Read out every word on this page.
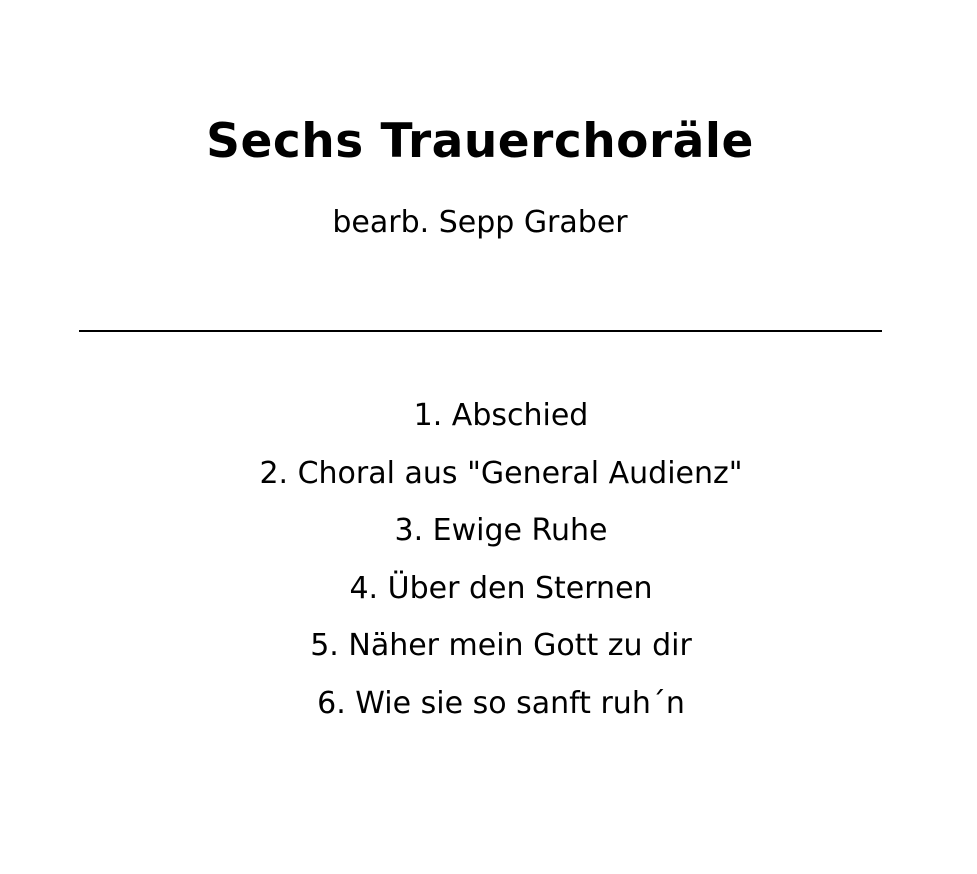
Sechs Trauerchoräle
bearb. Sepp Graber
1. Abschied
2. Choral aus "General Audienz"
3. Ewige Ruhe
4. Über den Sternen
5. Näher mein Gott zu dir
6. Wie sie so sanft ruh´n
